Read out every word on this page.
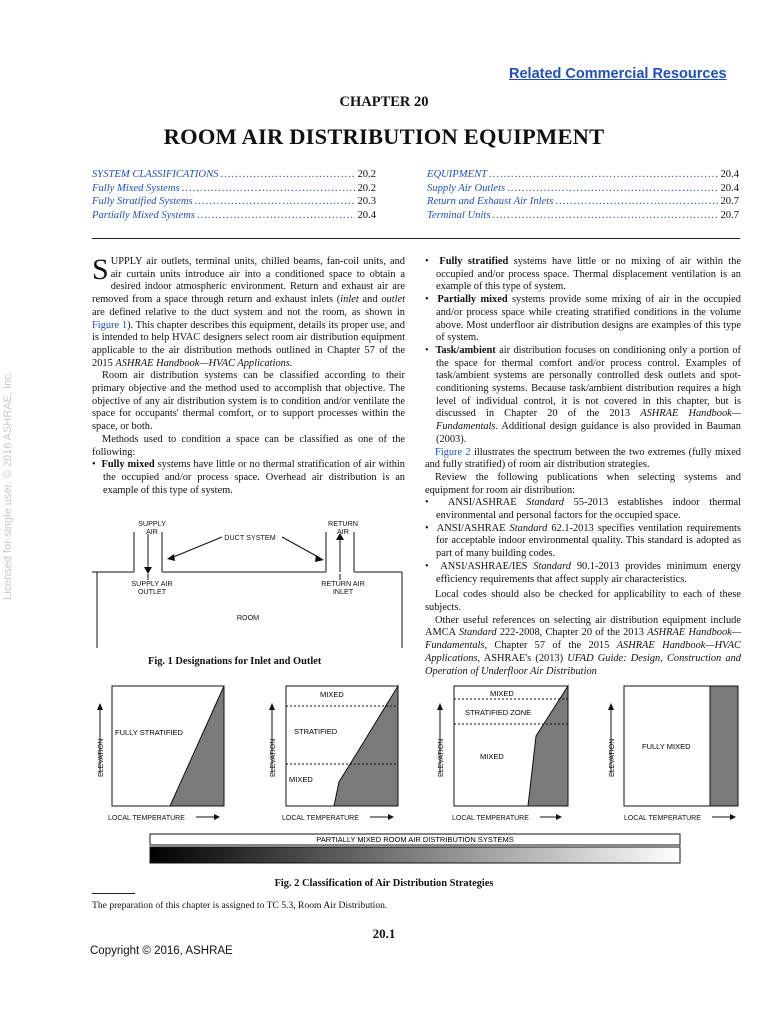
Related Commercial Resources
CHAPTER 20
ROOM AIR DISTRIBUTION EQUIPMENT
SYSTEM CLASSIFICATIONS .....	20.2
Fully Mixed Systems .....	20.2
Fully Stratified Systems .....	20.3
Partially Mixed Systems .....	20.4
EQUIPMENT .....	20.4
Supply Air Outlets .....	20.4
Return and Exhaust Air Inlets .....	20.7
Terminal Units .....	20.7
Licensed for single user. © 2016 ASHRAE, Inc.

SUPPLY air outlets, terminal units, chilled beams, fan-coil units, and air curtain units introduce air into a conditioned space to obtain a desired indoor atmospheric environment. Return and exhaust air are removed from a space through return and exhaust inlets (inlet and outlet are defined relative to the duct system and not the room, as shown in Figure 1). This chapter describes this equipment, details its proper use, and is intended to help HVAC designers select room air distribution equipment applicable to the air distribution methods outlined in Chapter 57 of the 2015 ASHRAE Handbook—HVAC Applications.

Room air distribution systems can be classified according to their primary objective and the method used to accomplish that objective. The objective of any air distribution system is to condition and/or ventilate the space for occupants' thermal comfort, or to support processes within the space, or both.

Methods used to condition a space can be classified as one of the following:

•  Fully mixed systems have little or no thermal stratification of air within the occupied and/or process space. Overhead air distribution is an example of this type of system.

•  Fully stratified systems have little or no mixing of air within the occupied and/or process space. Thermal displacement ventilation is an example of this type of system.

•  Partially mixed systems provide some mixing of air in the occupied and/or process space while creating stratified conditions in the volume above. Most underfloor air distribution designs are examples of this type of system.

•  Task/ambient air distribution focuses on conditioning only a portion of the space for thermal comfort and/or process control. Examples of task/ambient systems are personally controlled desk outlets and spot-conditioning systems. Because task/ambient distribution requires a high level of individual control, it is not covered in this chapter, but is discussed in Chapter 20 of the 2013 ASHRAE Handbook—Fundamentals. Additional design guidance is also provided in Bauman (2003).

Figure 2 illustrates the spectrum between the two extremes (fully mixed and fully stratified) of room air distribution strategies.

Review the following publications when selecting systems and equipment for room air distribution:

•  ANSI/ASHRAE Standard 55-2013 establishes indoor thermal environmental and personal factors for the occupied space.

•  ANSI/ASHRAE Standard 62.1-2013 specifies ventilation requirements for acceptable indoor environmental quality. This standard is adopted as part of many building codes.

•  ANSI/ASHRAE/IES Standard 90.1-2013 provides minimum energy efficiency requirements that affect supply air characteristics.

Local codes should also be checked for applicability to each of these subjects.

Other useful references on selecting air distribution equipment include AMCA Standard 222-2008, Chapter 20 of the 2013 ASHRAE Handbook—Fundamentals, Chapter 57 of the 2015 ASHRAE Handbook—HVAC Applications, ASHRAE's (2013) UFAD Guide: Design, Construction and Operation of Underfloor Air Distribution

SUPPLY
AIR
RETURN
AIR
DUCT SYSTEM
SUPPLY AIR
OUTLET
RETURN AIR
INLET
ROOM
Fig. 1 Designations for Inlet and Outlet
FULLY STRATIFIED
MIXED
STRATIFIED
MIXED
MIXED
STRATIFIED ZONE
MIXED
FULLY MIXED
ELEVATION	ELEVATION	ELEVATION	ELEVATION
LOCAL TEMPERATURE	LOCAL TEMPERATURE	LOCAL TEMPERATURE	LOCAL TEMPERATURE
PARTIALLY MIXED ROOM AIR DISTRIBUTION SYSTEMS
Fig. 2 Classification of Air Distribution Strategies
The preparation of this chapter is assigned to TC 5.3, Room Air Distribution.
20.1
Copyright © 2016, ASHRAE
